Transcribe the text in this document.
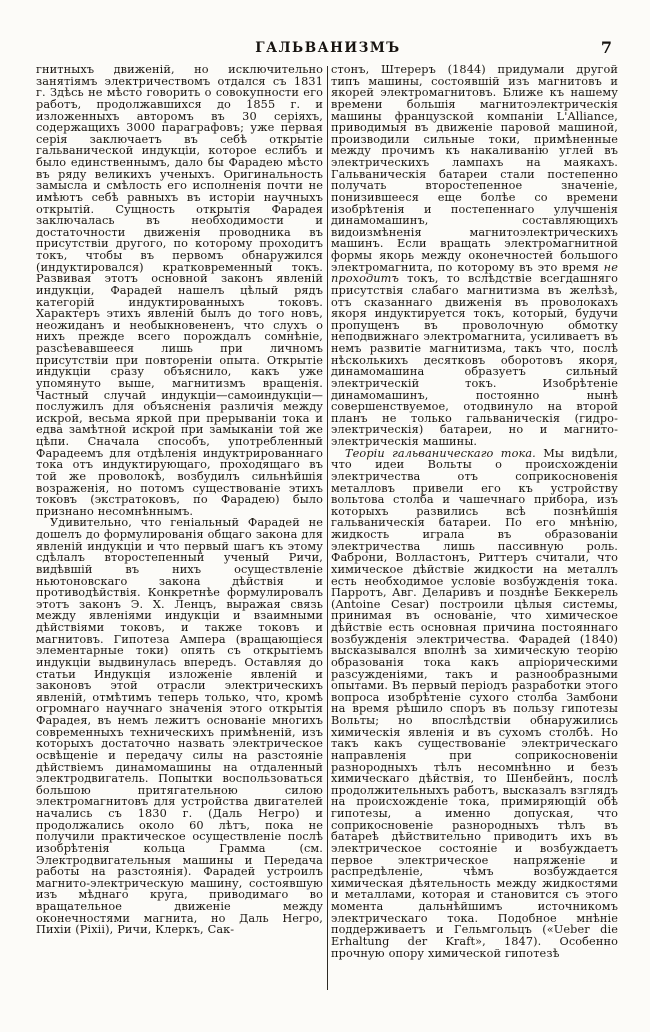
ГАЛЬВАНИЗМЪ	7

гнитныхъ движеній, но исключительно занятіямъ электричествомъ отдался съ 1831 г. Здѣсь не мѣсто говорить о совокупности его работъ, продолжавшихся до 1855 г. и изложенныхъ авторомъ въ 30 серіяхъ, содержащихъ 3000 параграфовъ; уже первая серія заключаетъ въ себѣ открытіе гальванической индукціи, которое еслибъ и было единственнымъ, дало бы Фарадею мѣсто въ ряду великихъ ученыхъ. Оригинальность замысла и смѣлость его исполненія почти не имѣютъ себѣ равныхъ въ исторіи научныхъ открытій. Сущность открытія Фарадея заключалась въ необходимости и достаточности движенія проводника въ присутствіи другого, по которому проходитъ токъ, чтобы въ первомъ обнаружился (индуктировался) кратковременный токъ. Развивая этотъ основной законъ явленій индукціи, Фарадей нашелъ цѣлый рядъ категорій индуктированныхъ токовъ. Характеръ этихъ явленій былъ до того новъ, неожиданъ и необыкновененъ, что слухъ о нихъ прежде всего порождалъ сомнѣніе, разсѣевавшееся лишь при личномъ присутствіи при повтореніи опыта. Открытіе индукціи сразу объяснило, какъ уже упомянуто выше, магнитизмъ вращенія. Частный случай индукціи—самоиндукціи—послужилъ для объясненія различія между искрой, весьма яркой при прерываніи тока и едва замѣтной искрой при замыканіи той же цѣпи. Сначала способъ, употребленный Фарадеемъ для отдѣленія индуктрированнаго тока отъ индуктирующаго, проходящаго въ той же проволокѣ, возбудилъ сильнѣйшія возраженія, но потомъ существованіе этихъ токовъ (экстратоковъ, по Фарадею) было признано несомнѣннымъ.

Удивительно, что геніальный Фарадей не дошелъ до формулированія общаго закона для явленій индукціи и что первый шагъ къ этому сдѣлалъ второстепенный ученый Ричи, видѣвшій въ нихъ осуществленіе ньютоновскаго закона дѣйствія и противодѣйствія. Конкретнѣе формулировалъ этотъ законъ Э. Х. Ленцъ, выражая связь между явленіями индукціи и взаимными дѣйствіями токовъ, и также токовъ и магнитовъ. Гипотеза Ампера (вращающіеся элементарные токи) опять съ открытіемъ индукціи выдвинулась впередъ. Оставляя до статьи Индукція изложеніе явленій и законовъ этой отрасли электрическихъ явленій, отмѣтимъ теперь только, что, кромѣ огромнаго научнаго значенія этого открытія Фарадея, въ немъ лежитъ основаніе многихъ современныхъ техническихъ примѣненій, изъ которыхъ достаточно назвать электрическое освѣщеніе и передачу силы на разстояніе дѣйствіемъ динамомашины на отдаленный электродвигатель. Попытки воспользоваться большою притягательною силою электромагнитовъ для устройства двигателей начались съ 1830 г. (Даль Негро) и продолжались около 60 лѣтъ, пока не получили практическое осуществленіе послѣ изобрѣтенія кольца Грамма (см. Электродвигательныя машины и Передача работы на разстоянія). Фарадей устроилъ магнито-электрическую машину, состоявшую изъ мѣднаго круга, приводимаго во вращательное движеніе между оконечностями магнита, но Даль Негро, Пихіи (Pixii), Ричи, Клеркъ, Сак-

стонъ, Штереръ (1844) придумали другой типъ машины, состоявшій изъ магнитовъ и якорей электромагнитовъ. Ближе къ нашему времени большія магнитоэлектрическія машины французской компаніи L'Alliance, приводимыя въ движеніе паровой машиной, производили сильные токи, примѣненные между прочимъ къ накаливанію углей въ электрическихъ лампахъ на маякахъ. Гальваническія батареи стали постепенно получать второстепенное значеніе, понизившееся еще болѣе со времени изобрѣтенія и постепеннаго улучшенія динамомашинъ, составляющихъ видоизмѣненія магнитоэлектрическихъ машинъ. Если вращать электромагнитной формы якорь между оконечностей большого электромагнита, по которому въ это время не проходитъ токъ, то вслѣдствіе всегдашняго присутствія слабаго магнитизма въ желѣзѣ, отъ сказаннаго движенія въ проволокахъ якоря индуктируется токъ, который, будучи пропущенъ въ проволочную обмотку неподвижнаго электромагнита, усиливаетъ въ немъ развитіе магнитизма, такъ что, послѣ нѣсколькихъ десятковъ оборотовъ якоря, динамомашина образуетъ сильный электрическій токъ. Изобрѣтеніе динамомашинъ, постоянно нынѣ совершенствуемое, отодвинуло на второй планъ не только гальваническія (гидро-электрическія) батареи, но и магнито-электрическія машины.

Теоріи гальваническаго тока. Мы видѣли, что идеи Вольты о происхожденіи электричества отъ соприкосновенія металловъ привели его къ устройству вольтова столба и чашечнаго прибора, изъ которыхъ развились всѣ познѣйшія гальваническія батареи. По его мнѣнію, жидкость играла въ образованіи электричества лишь пассивную роль. Фаброни, Волластонъ, Риттеръ считали, что химическое дѣйствіе жидкости на металлъ есть необходимое условіе возбужденія тока. Парротъ, Авг. Деларивъ и позднѣе Беккерель (Antoine Cesar) построили цѣлыя системы, принимая въ основаніе, что химическое дѣйствіе есть основная причина постояннаго возбужденія электричества. Фарадей (1840) высказывался вполнѣ за химическую теорію образованія тока какъ апріорическими разсужденіями, такъ и разнообразными опытами. Въ первый періодъ разработки этого вопроса изобрѣтеніе сухого столба Замбони на время рѣшило споръ въ пользу гипотезы Вольты; но впослѣдствіи обнаружились химическія явленія и въ сухомъ столбѣ. Но такъ какъ существованіе электрическаго направленія при соприкосновеніи разнородныхъ тѣлъ несомнѣнно и безъ химическаго дѣйствія, то Шенбейнъ, послѣ продолжительныхъ работъ, высказалъ взглядъ на происхожденіе тока, примиряющій обѣ гипотезы, а именно допуская, что соприкосновеніе разнородныхъ тѣлъ въ батареѣ дѣйствительно приводитъ ихъ въ электрическое состояніе и возбуждаетъ первое электрическое напряженіе и распредѣленіе, чѣмъ возбуждается химическая дѣятельность между жидкостями и металлами, которая и становится съ этого момента дальнѣйшимъ источникомъ электрическаго тока. Подобное мнѣніе поддерживаетъ и Гельмгольцъ («Ueber die Erhaltung der Kraft», 1847). Особенно прочную опору химической гипотезѣ
